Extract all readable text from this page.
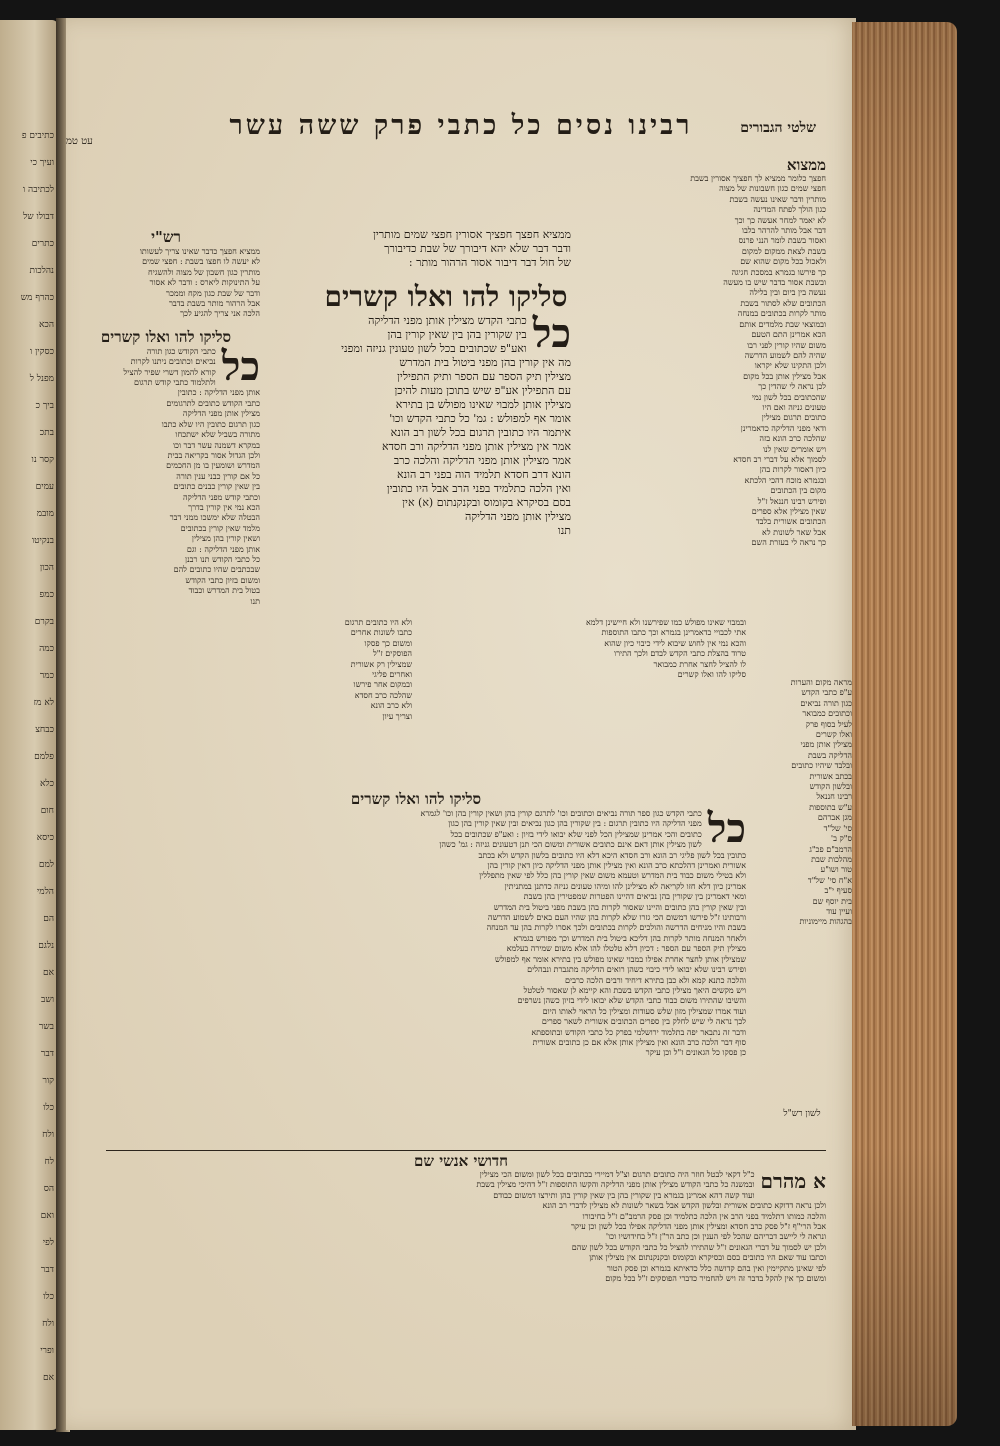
כתיבים פ
ועיך כי
לכתיבה ו
דבולו של
כתרים
נהלכות
כהרף מש
הכא
כסקין ו
מפנל ל
ביך כ
בתכ
קסר נו
עמים
מובמ
בנקיטו
הכון
כמפ
בקרם
כמה
כמר
לא מז
כבחצ
פלמם
כלא
חום
כיסא
למם
הלמי
הם
נלגם
אם
ושב
בשר
דבר
קור
כלו
ולח
לח
הס
ואם
לפי
דבר
כלו
ולח
ופרי
אם
שלטי הגבורים
רבינו נסים כל כתבי פרק ששה עשר
עט טמ
ממצוא
חפצך כלומר ממציא לך חפציך אסורין בשבת
חפצי שמים כגון חשבונות של מצוה
מותרין ודבר שאינו נעשה בשבת
כגון הולך לפתח המדינה
לא יאמר למחר אעשה כך וכך
דבר אבל מותר להרהר בלבו
ואסור בשבת לומר הנני פרנס
בשבת לצאת ממקום למקום
ולאכול בכל מקום שהוא שם
כך פירשו בגמרא במסכת חגיגה
ובשבת אסור בדבר שיש בו מעשה
נעשה בין ביום ובין בלילה
הכתובים שלא לסתור בשבת
מותר לקרות בכתובים במנחה
ובמוצאי שבת מלמדים אותם
הכא אמרינן התם הטעם
משום שהיו קורין לפני רבו
שהיה להם לשמוע הדרשה
ולכן התקינו שלא יקראו
אבל מצילין אותן בכל מקום
לכן נראה לי שהדין כך
שהכתובים בכל לשון נמי
טעונים גניזה ואם היו
כתובים תרגום מצילין
ודאי מפני הדליקה כדאמרינן
שהלכה כרב הונא בזה
ויש אומרים שאין לנו
לסמוך אלא על דברי רב חסדא
כיון דאסור לקרות בהן
ובגמרא מוכח דהכי הלכתא
מקום בין הכתובים
ופירש רבינו חננאל ז"ל
שאין מצילין אלא ספרים
הכתובים אשורית בלבד
אבל שאר לשונות לא
כך נראה לי בעזרת השם
ממציא חפצך חפציך אסורין חפצי שמים מותרין
ודבר דבר שלא יהא דיבורך של שבת כדיבורך
של חול דבר דיבור אסור הרהור מותר :
סליקו להו ואלו קשרים
כל
כתבי הקדש מצילין אותן מפני הדליקה
בין שקורין בהן בין שאין קורין בהן
ואע"פ שכתובים בכל לשון טעונין גניזה ומפני
מה אין קורין בהן מפני ביטול בית המדרש
מצילין תיק הספר עם הספר ותיק התפילין
עם התפילין אע"פ שיש בתוכן מעות להיכן
מצילין אותן למבוי שאינו מפולש בן בתירא
אומר אף למפולש : גמ' כל כתבי הקדש וכו'
איתמר היו כתובין תרגום בכל לשון רב הונא
אמר אין מצילין אותן מפני הדליקה ורב חסדא
אמר מצילין אותן מפני הדליקה והלכה כרב
הונא דרב חסדא תלמיד הוה בפני רב הונא
ואין הלכה כתלמיד בפני הרב אבל היו כתובין
בסם בסיקרא בקומוס ובקנקנתום (א) אין
מצילין אותן מפני הדליקה
תנו
רש"י
ממציא חפצך כדבר שאינו צריך לעשותו
לא יעשה לו חפצו בשבת : חפצי שמים
מותרין כגון חשבון של מצוה ולהשגיח
על התינוקות ליארס : ודבר לא אסור
ודבר של שבת כגון מקח וממכר
אבל הרהור מותר בשבת בדבר
הלכה אני צריך להגיע לכך
סליקו להו ואלו קשרים
כל
כתבי הקודש כגון תורה
נביאים וכתובים ניתנו לקרות
קורא להמון דשרי שפיר להציל
ולתלמוד כתבי קודש תרגום
אותן מפני הדליקה : כתובין
כתבי הקודש כתובים לתרגומים
מצילין אותן מפני הדליקה
כגון תרגום כתובין היו שלא כתבו
מתורה בשביל שלא ישתכחו
במקרא דשמנה עשר דבר וכו
ולכן הגדול אסור בקריאה בבית
המדרש ושומעין בו מן החכמים
כל אם קורין כבני ענין תורה
בין שאין קורין כבנים כתובים
וכתבי קודש מפני הדליקה
הכא נמי אין קורין בדרך
הבטלה שלא ימשכו ממני דבר
מלמד שאין קורין בכתובים
ושאין קורין בהן מצילין
אותן מפני הדליקה : וגם
כל כתבי הקודש תנו רבנן
שבכתבים שהיו כתובים להם
ומשום בזיון כתבי הקודש
בטול בית המדרש וכבוד
תנו
מראה מקום והערות
ע"פ כתבי הקדש
כגון תורה נביאים
וכתובים כמבואר
לעיל בסוף פרק
ואלו קשרים
מצילין אותן מפני
הדליקה בשבת
ובלבד שיהיו כתובים
בכתב אשורית
ובלשון הקודש
רבינו חננאל
ע"ש בתוספות
מגן אברהם
סי' של"ד
ס"ק ב'
הרמב"ם פכ"ג
מהלכות שבת
טור ושו"ע
א"ח סי' של"ד
סעיף י"ב
בית יוסף שם
ועיין עוד
בהגהות מיימוניות
ובמבוי שאינו מפולש כמו שפירשנו ולא חיישינן דלמא
אתי לכבויי כדאמרינן בגמרא וכך כתבו התוספות
והכא נמי אין לחוש שיבוא לידי כיבוי כיון שהוא
טרוד בהצלת כתבי הקדש לבדם ולכך התירו
לו להציל לחצר אחרת כמבואר
סליקו להו ואלו קשרים
ולא היו כתובים תרגום
כתבו לשונות אחרים
ומשום כך פסקו
הפוסקים ז"ל
שמצילין רק אשורית
ואחרים פליגי
ובמקום אחר פירשו
שהלכה כרב חסדא
ולא כרב הונא
וצריך עיון
סליקו להו ואלו קשרים
כל
כתבי הקדש כגון ספר תורה נביאים וכתובים וכו' לתרגם קורין בהן ושאין קורין בהן וכו' לגמרא
מפני הדליקה היו כתובין תרגום : בין שקורין בהן כגון נביאים ובין שאין קורין בהן כגון
כתובים והכי אמרינן שמצילין הכל לפני שלא יבואו לידי בזיון : ואע"פ שכתובים בכל
לשון מצילין אותן דאם אינם כתובים אשורית ומשום הכי תנן דטעונים גניזה : גמ' כשהן
כתובין בכל לשון פליגי רב הונא ורב חסדא היכא דלא היו כתובים בלשון הקדש ולא בכתב
אשורית ואמרינן דהלכתא כרב הונא ואין מצילין אותן מפני הדליקה כיון דאין קורין בהן
ולא בטילי משום כבוד בית המדרש וטעמא משום שאין קורין בהן כלל לפי שאין מתפללין
אמרינן כיון דלא חזו לקריאה לא מצילינן להו ומיהו טעונים גניזה כדתנן במתניתין
ומאי דאמרינן בין שקורין בהן נביאים דהיינו הפטרות שמפטירין בהן בשבת
ובין שאין קורין בהן כתובים והיינו שאסור לקרות בהן בשבת מפני ביטול בית המדרש
ורבותינו ז"ל פירשו דמשום הכי גזרו שלא לקרות בהן שהיו העם באים לשמוע הדרשה
בשבת והיו מניחים הדרשה והולכים לקרות בכתובים ולכך אסרו לקרות בהן עד המנחה
ולאחר המנחה מותר לקרות בהן דליכא ביטול בית המדרש וכך מפורש בגמרא
מצילין תיק הספר עם הספר : דכיון דלא טלטלו להו אלא משום שמירה בעלמא
שמצילין אותן לחצר אחרת אפילו במבוי שאינו מפולש בין בתירא אומר אף למפולש
ופירש רבינו שלא יבואו לידי כיבוי כשהן רואים הדליקה מתגברת ונבהלים
והלכה כתנא קמא ולא כבן בתירא דיחיד ורבים הלכה כרבים
ויש מקשים היאך מצילין כתבי הקדש בשבת והא קיימא לן שאסור לטלטל
והשיבו שהתירו משום כבוד כתבי הקדש שלא יבואו לידי בזיון כשהן נשרפים
ועוד אמרו שמצילין מזון שלש סעודות ומצילין כל הראוי לאותו היום
לכך נראה לי שיש לחלק בין ספרים הכתובים אשורית לשאר ספרים
ודבר זה נתבאר יפה בתלמוד ירושלמי בפרק כל כתבי הקודש ובתוספתא
סוף דבר הלכה כרב הונא ואין מצילין אותן אלא אם כן כתובים אשורית
כן פסקו כל הגאונים ז"ל וכן עיקר
לשון רש"ל
חדושי אנשי שם
א מהרם
כ"ל דקאי לבטל חוזר היה כתובים תרגום וצ"ל דמיירי בכתובים בכל לשון ומשום הכי מצילין
ובמשנה כל כתבי הקודש מצילין אותן מפני הדליקה והקשו התוספות ז"ל דהיכי מצילין בשבת
ועוד קשה דהא אמרינן בגמרא בין שקורין בהן בין שאין קורין בהן ותירצו דמשום כבודם
ולכן נראה דדוקא כתובים אשורית ובלשון הקדש אבל בשאר לשונות לא מצילין לדברי רב הונא
והלכה כמותו דתלמיד בפני הרב אין הלכה כתלמיד וכן פסק הרמב"ם ז"ל בחיבורו
אבל הרי"ף ז"ל פסק כרב חסדא ומצילין אותן מפני הדליקה אפילו בכל לשון וכן עיקר
ונראה לי ליישב דבריהם שהכל לפי הענין וכן כתב הר"ן ז"ל בחידושיו וכו'
ולכן יש לסמוך על דברי הגאונים ז"ל שהתירו להציל כל כתבי הקודש בכל לשון שהם
וכתבו עוד שאם היו כתובים בסם ובסיקרא ובקומוס ובקנקנתום אין מצילין אותן
לפי שאינן מתקיימין ואין בהם קדושה כלל כדאיתא בגמרא וכן פסק הטור
ומשום כך אין להקל בדבר זה ויש להחמיר כדברי הפוסקים ז"ל בכל מקום
